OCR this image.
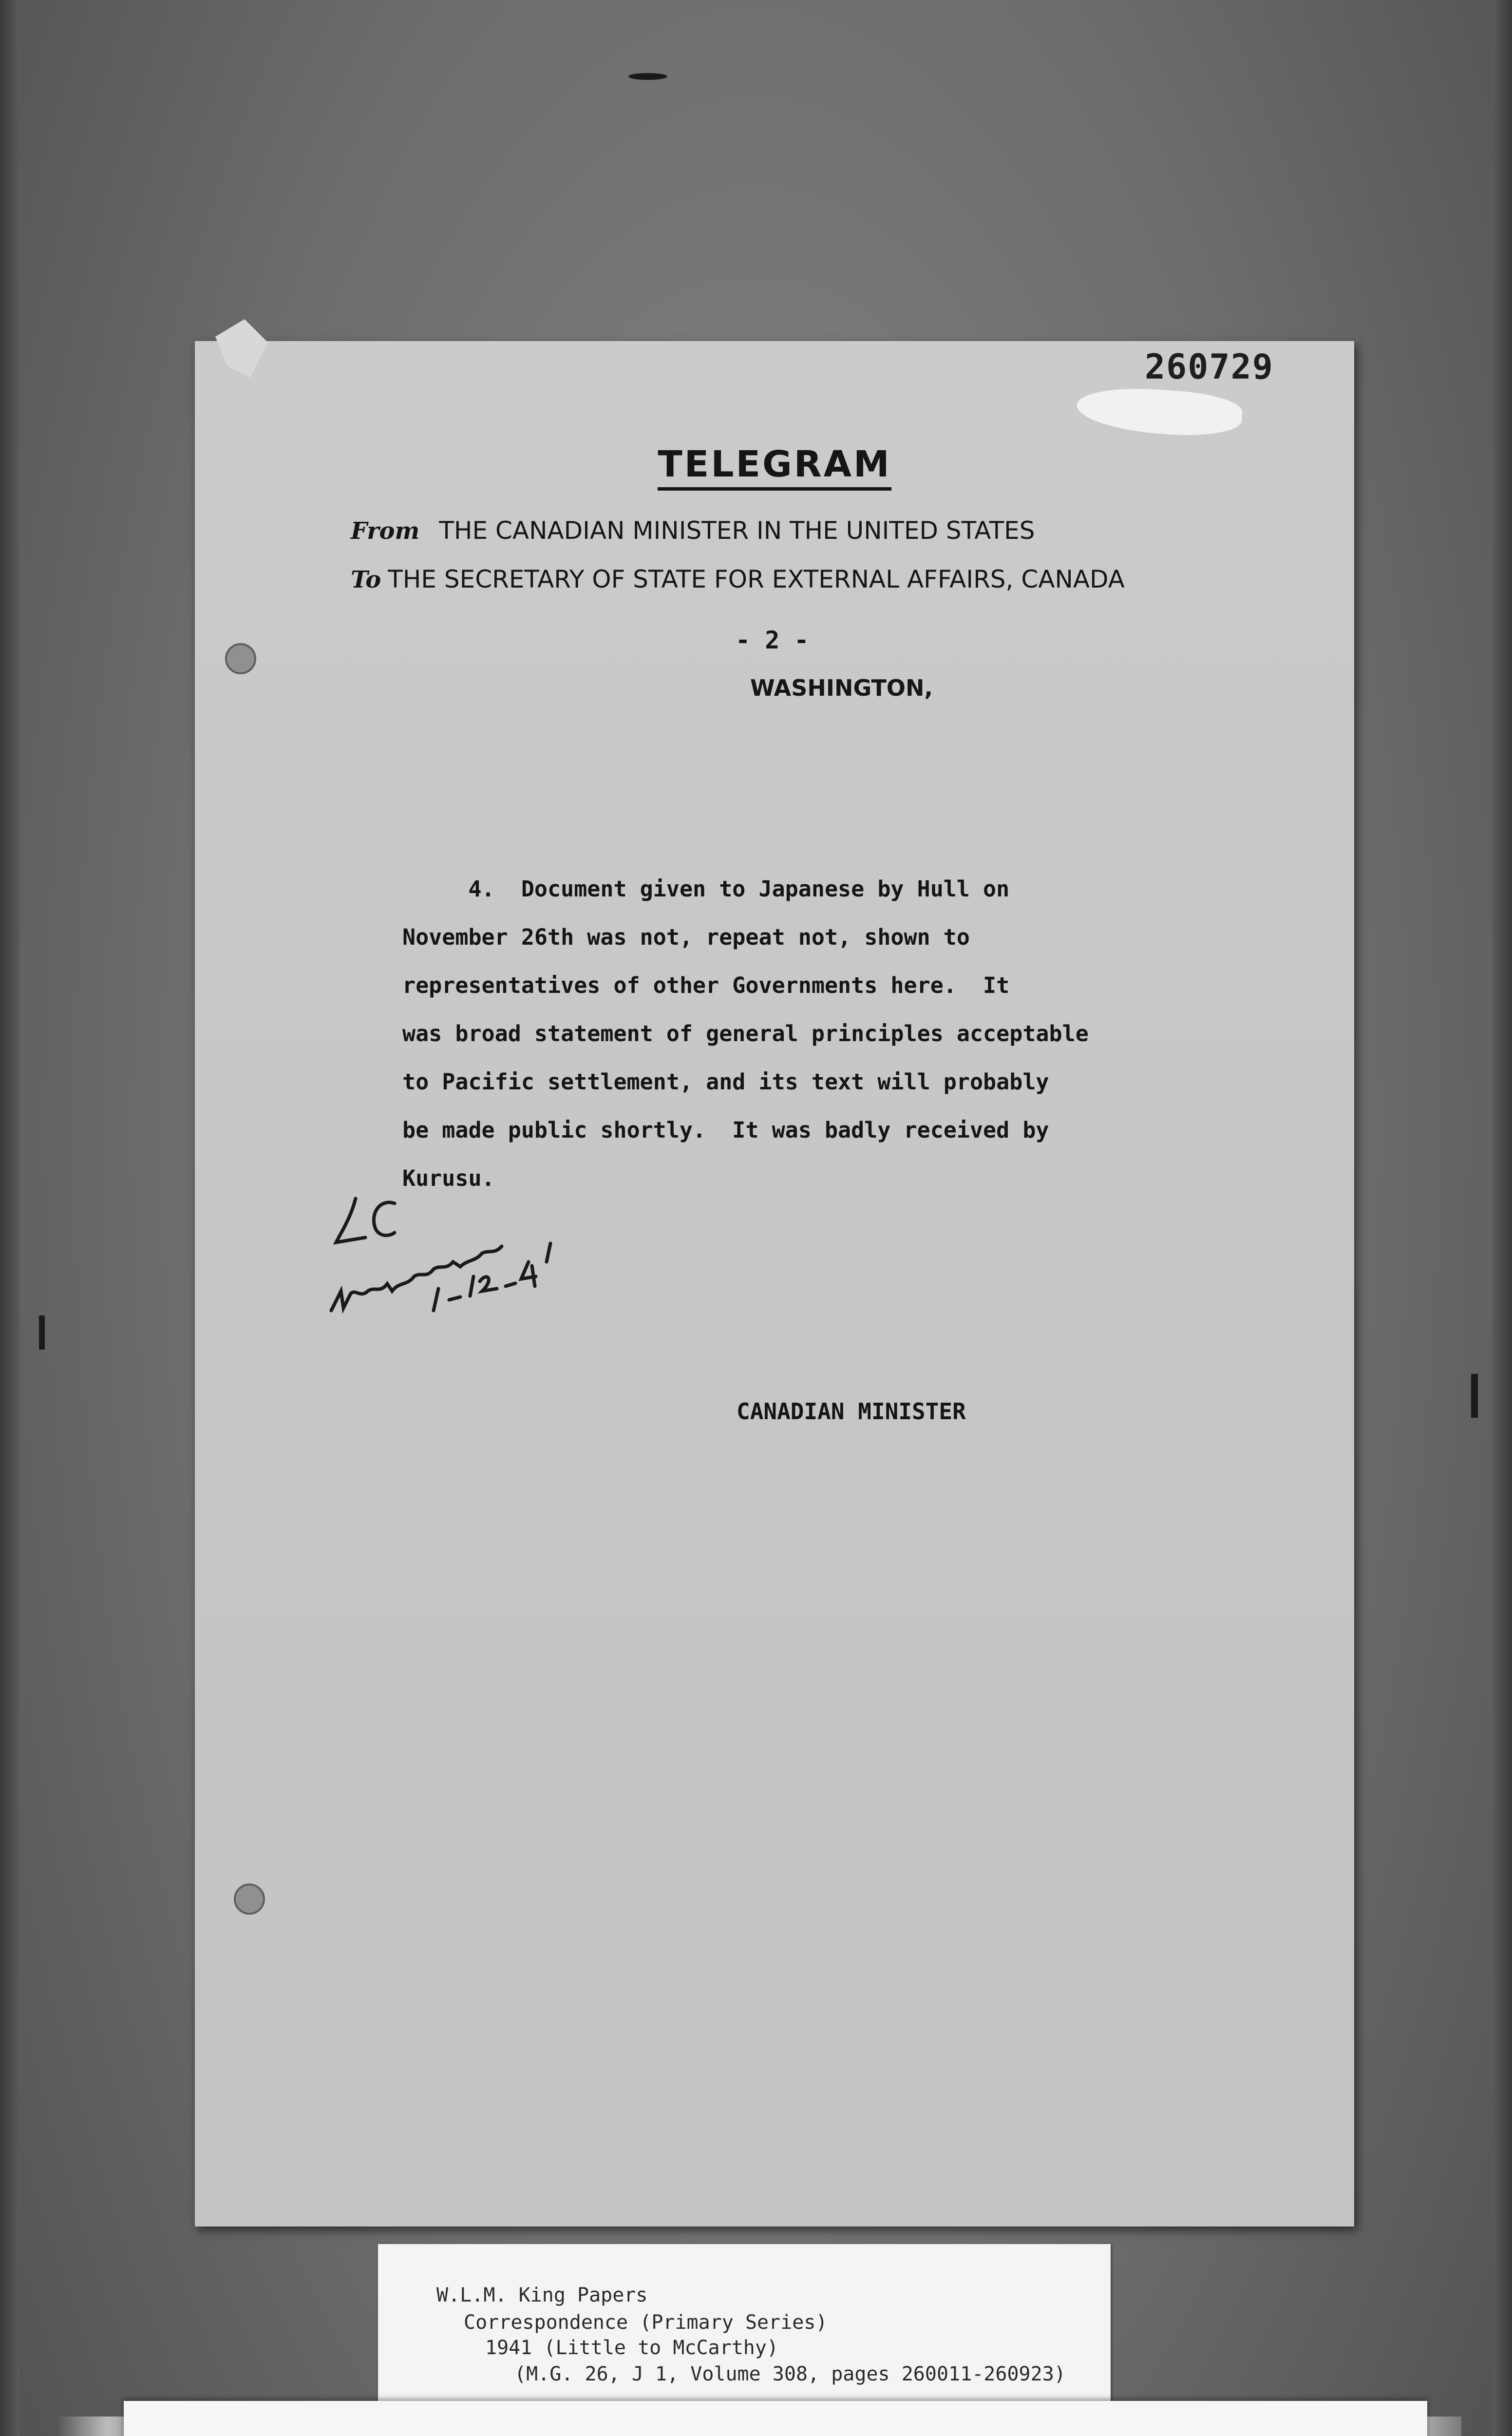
260729
TELEGRAM
From THE CANADIAN MINISTER IN THE UNITED STATES
To THE SECRETARY OF STATE FOR EXTERNAL AFFAIRS, CANADA
- 2 -
WASHINGTON,
4.  Document given to Japanese by Hull on
November 26th was not, repeat not, shown to
representatives of other Governments here.  It
was broad statement of general principles acceptable
to Pacific settlement, and its text will probably
be made public shortly.  It was badly received by
Kurusu.
CANADIAN MINISTER
W.L.M. King Papers
Correspondence (Primary Series)
1941 (Little to McCarthy)
(M.G. 26, J 1, Volume 308, pages 260011-260923)
